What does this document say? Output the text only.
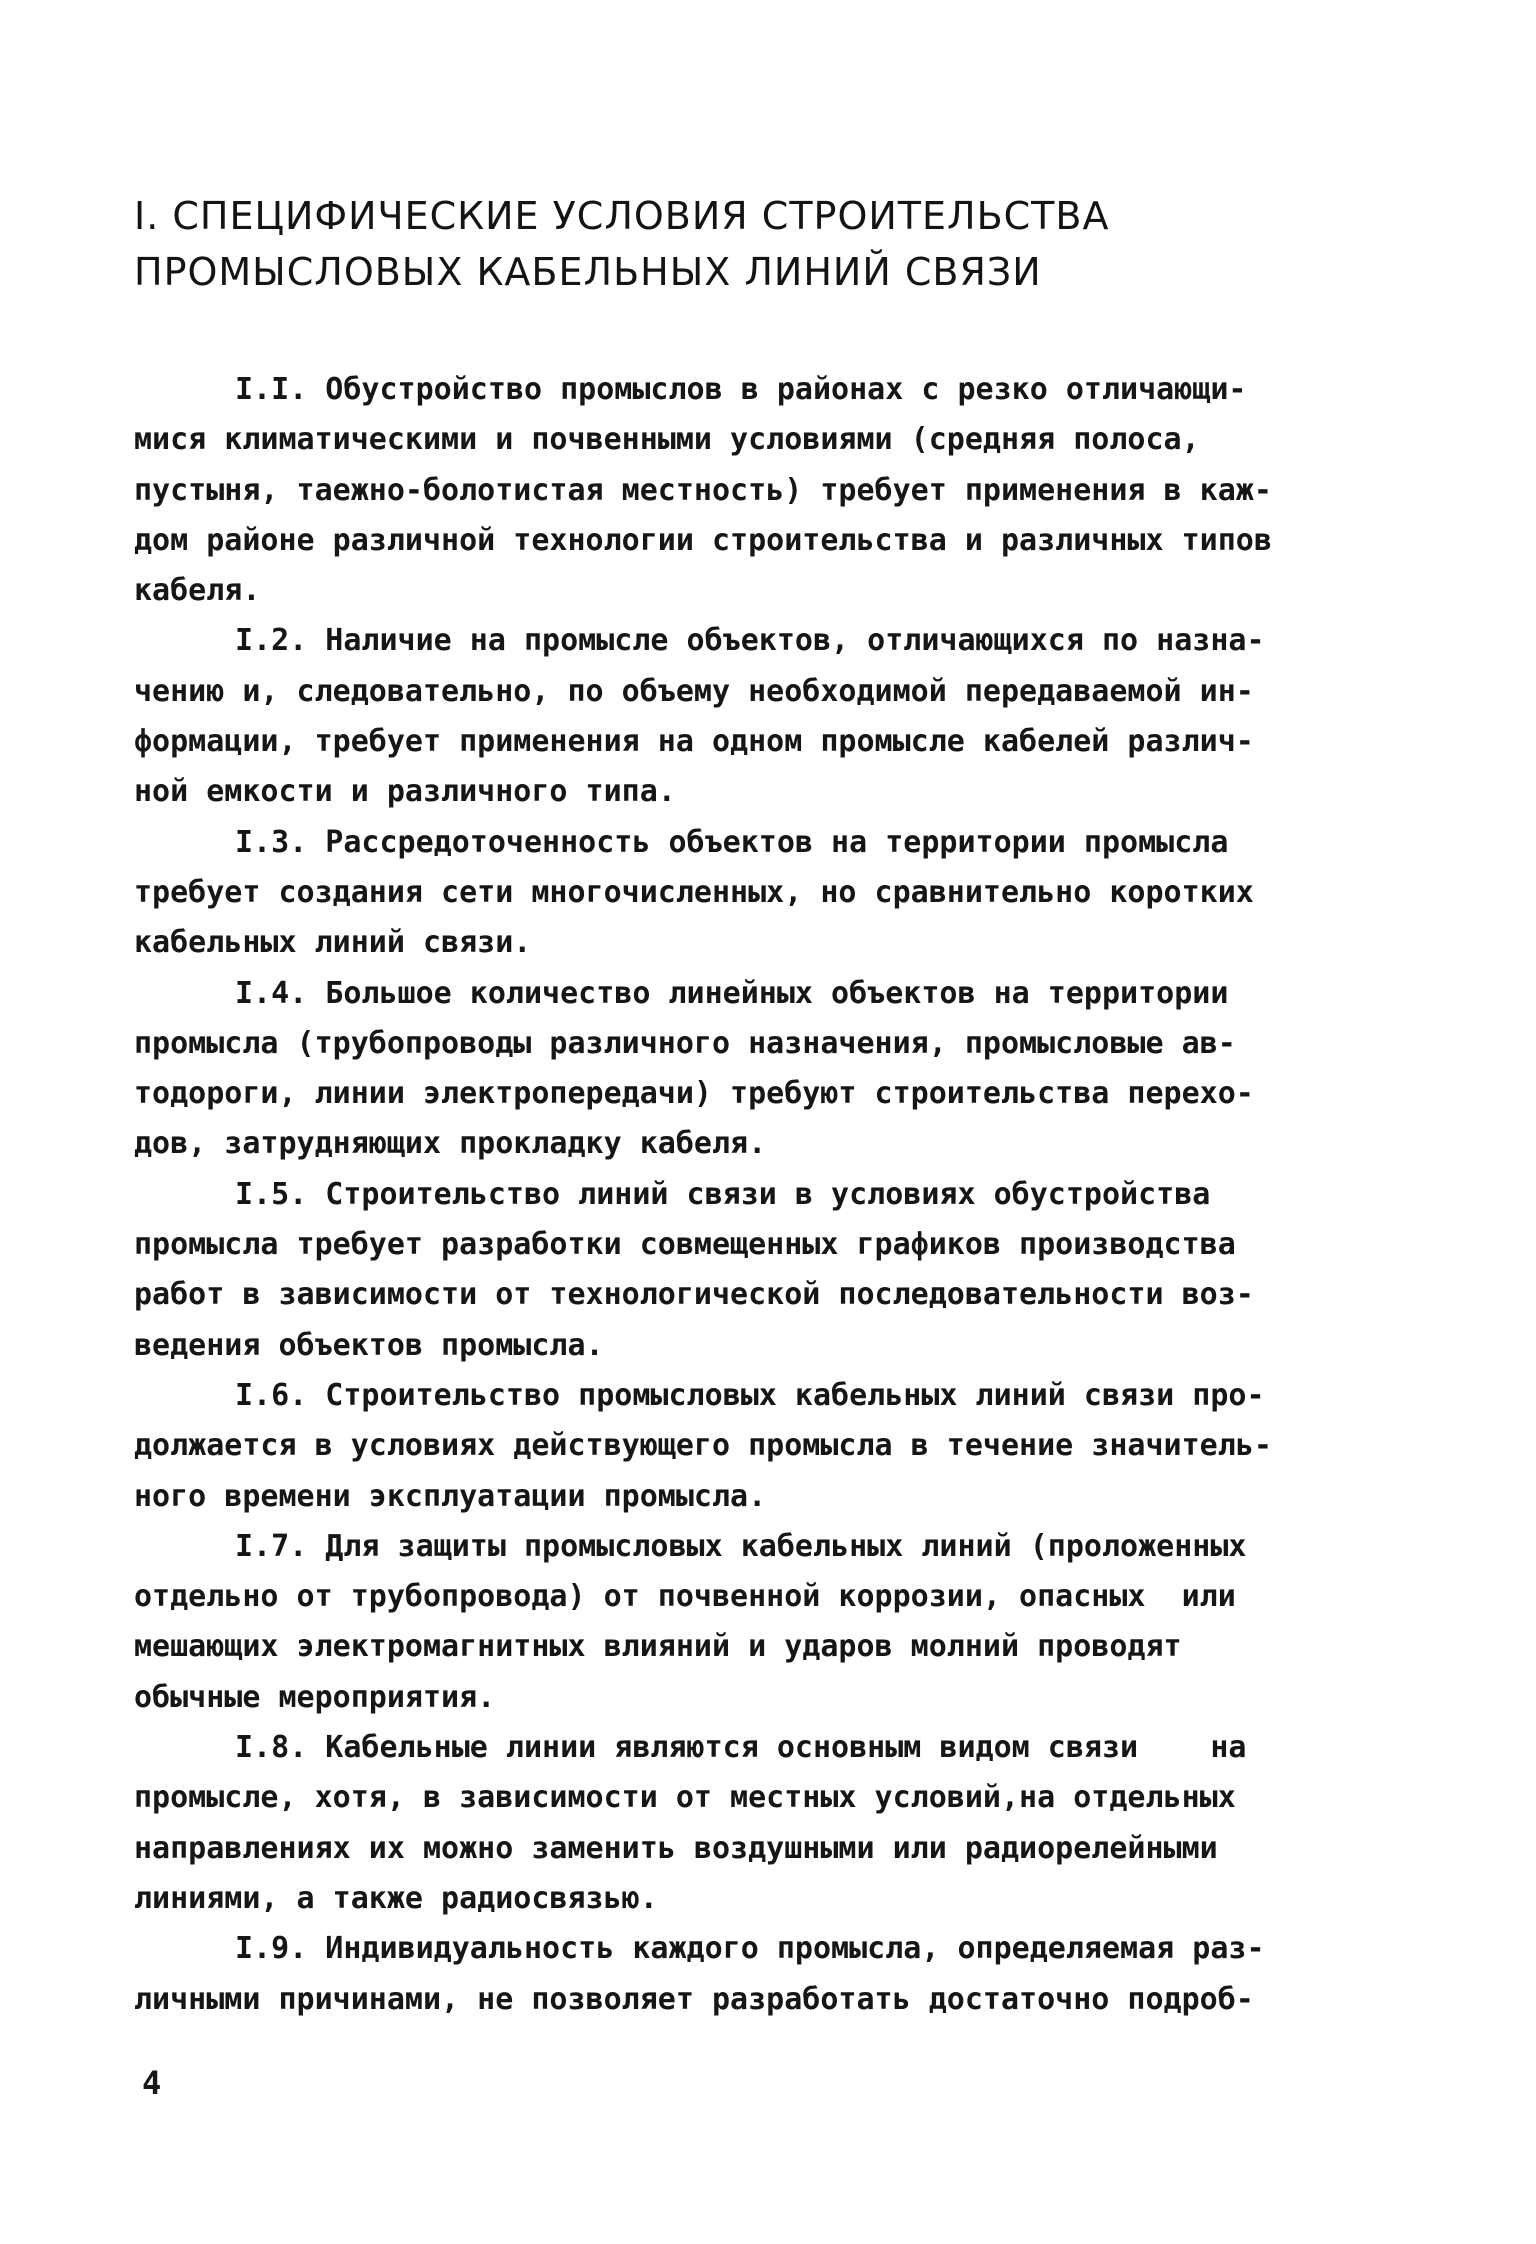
I. СПЕЦИФИЧЕСКИЕ УСЛОВИЯ СТРОИТЕЛЬСТВА
ПРОМЫСЛОВЫХ КАБЕЛЬНЫХ ЛИНИЙ СВЯЗИ

I.I. Обустройство промыслов в районах с резко отличающи-
мися климатическими и почвенными условиями (средняя полоса,
пустыня, таежно-болотистая местность) требует применения в каж-
дом районе различной технологии строительства и различных типов
кабеля.

I.2. Наличие на промысле объектов, отличающихся по назна-
чению и, следовательно, по объему необходимой передаваемой ин-
формации, требует применения на одном промысле кабелей различ-
ной емкости и различного типа.

I.3. Рассредоточенность объектов на территории промысла
требует создания сети многочисленных, но сравнительно коротких
кабельных линий связи.

I.4. Большое количество линейных объектов на территории
промысла (трубопроводы различного назначения, промысловые ав-
тодороги, линии электропередачи) требуют строительства перехо-
дов, затрудняющих прокладку кабеля.

I.5. Строительство линий связи в условиях обустройства
промысла требует разработки совмещенных графиков производства
работ в зависимости от технологической последовательности воз-
ведения объектов промысла.

I.6. Строительство промысловых кабельных линий связи про-
должается в условиях действующего промысла в течение значитель-
ного времени эксплуатации промысла.

I.7. Для защиты промысловых кабельных линий (проложенных
отдельно от трубопровода) от почвенной коррозии, опасных  или
мешающих электромагнитных влияний и ударов молний проводят
обычные мероприятия.

I.8. Кабельные линии являются основным видом связи    на
промысле, хотя, в зависимости от местных условий,на отдельных
направлениях их можно заменить воздушными или радиорелейными
линиями, а также радиосвязью.

I.9. Индивидуальность каждого промысла, определяемая раз-
личными причинами, не позволяет разработать достаточно подроб-

4
